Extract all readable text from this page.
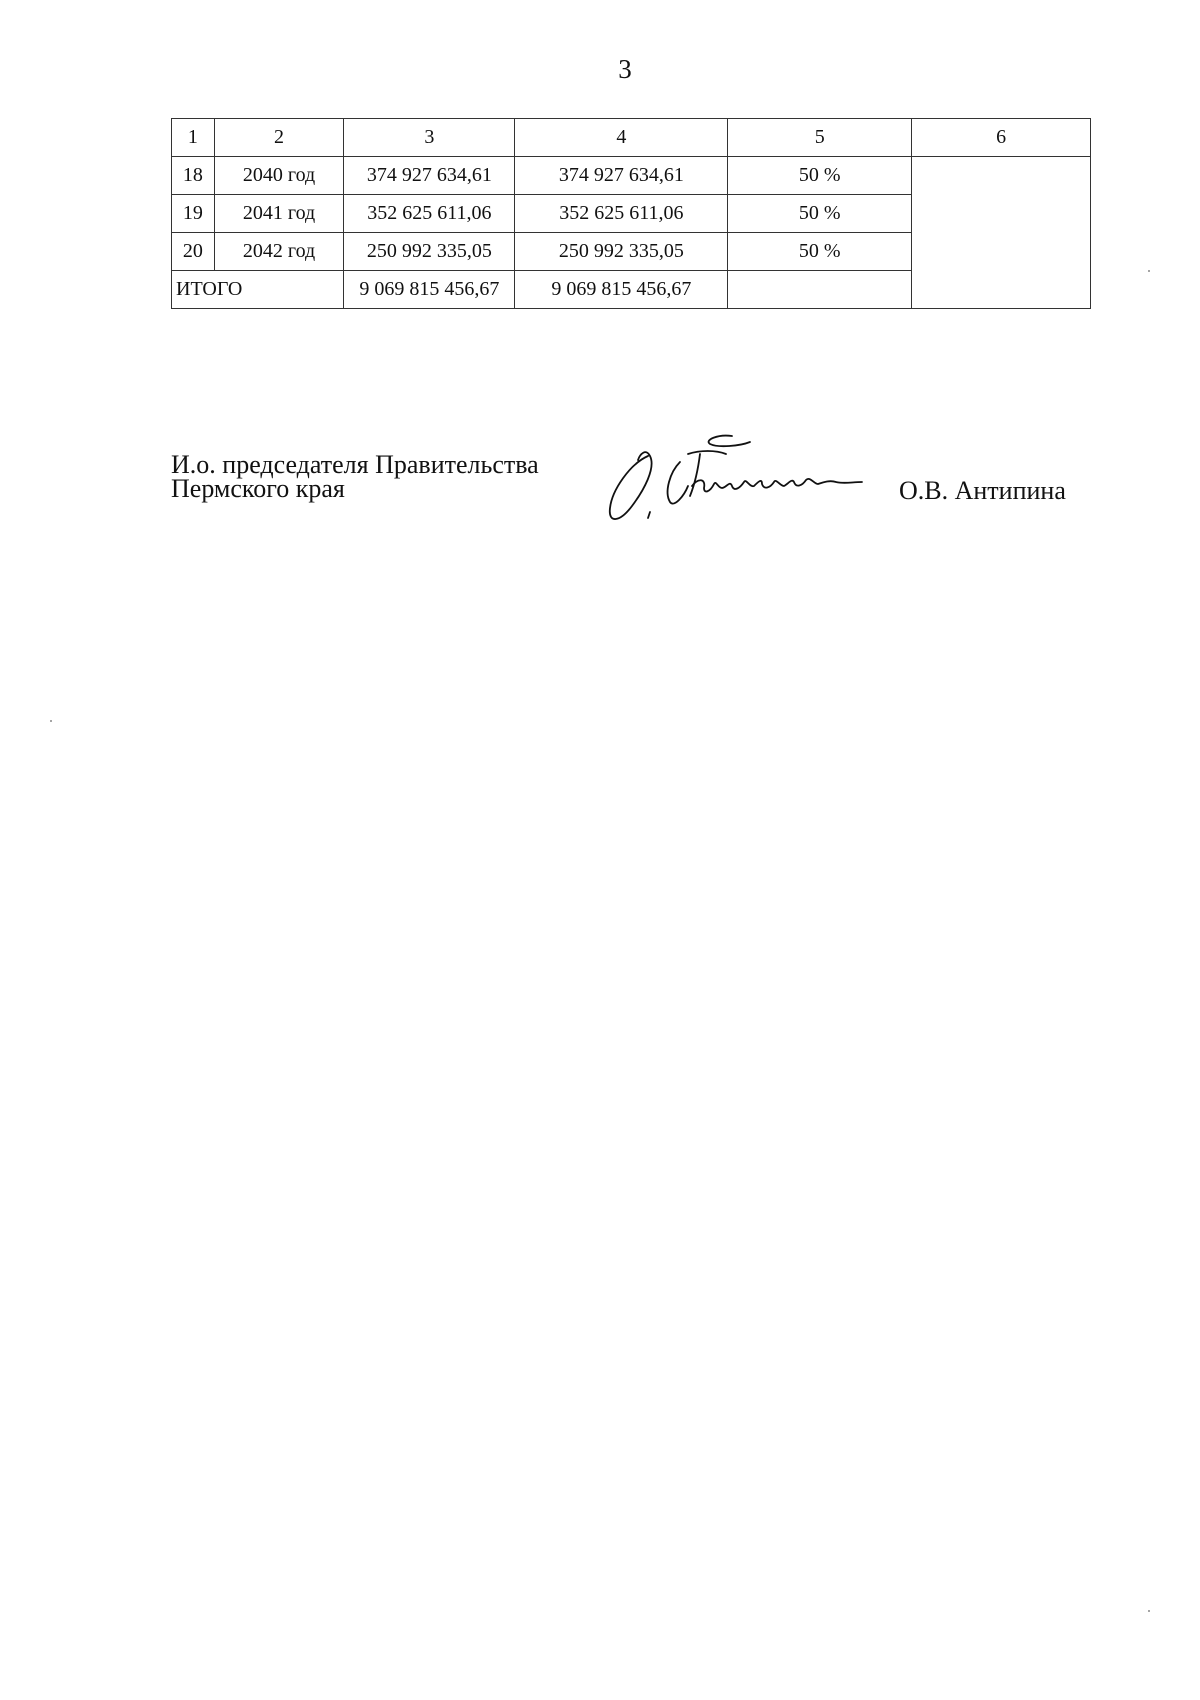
3
1	2	3	4	5	6
18	2040 год	374 927 634,61	374 927 634,61	50 %	
19	2041 год	352 625 611,06	352 625 611,06	50 %	
20	2042 год	250 992 335,05	250 992 335,05	50 %	
ИТОГО		9 069 815 456,67	9 069 815 456,67		
И.о. председателя Правительства
Пермского края	О.В. Антипина
